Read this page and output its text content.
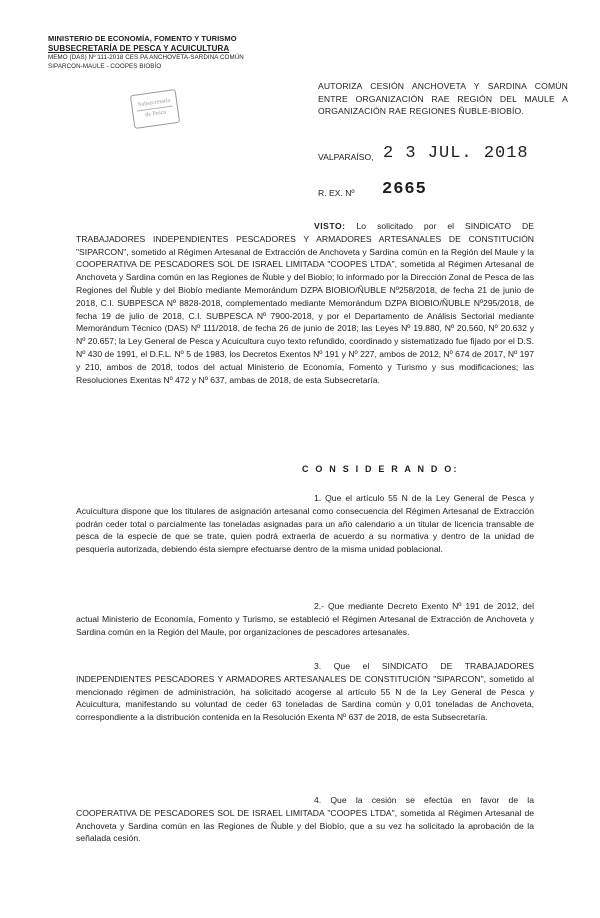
MINISTERIO DE ECONOMÍA, FOMENTO Y TURISMO
SUBSECRETARÍA DE PESCA Y ACUICULTURA
MEMO (DAS) Nº 111-2018 CES PA ANCHOVETA-SARDINA COMÚN
SIPARCON-MAULE - COOPES BIOBÍO
Subsecretaría
de Pesca
AUTORIZA CESIÓN ANCHOVETA Y SARDINA COMÚN ENTRE ORGANIZACIÓN RAE REGIÓN DEL MAULE A ORGANIZACIÓN RAE REGIONES ÑUBLE-BIOBÍO.
VALPARAÍSO, 2 3 JUL. 2018
R. EX. Nº 2665
VISTO: Lo solicitado por el SINDICATO DE TRABAJADORES INDEPENDIENTES PESCADORES Y ARMADORES ARTESANALES DE CONSTITUCIÓN "SIPARCON", sometido al Régimen Artesanal de Extracción de Anchoveta y Sardina común en la Región del Maule y la COOPERATIVA DE PESCADORES SOL DE ISRAEL LIMITADA "COOPES LTDA", sometida al Régimen Artesanal de Anchoveta y Sardina común en las Regiones de Ñuble y del Biobío; lo informado por la Dirección Zonal de Pesca de las Regiones del Ñuble y del Biobío mediante Memorándum DZPA BIOBIO/ÑUBLE Nº258/2018, de fecha 21 de junio de 2018, C.I. SUBPESCA Nº 8828-2018, complementado mediante Memorándum DZPA BIOBIO/ÑUBLE Nº295/2018, de fecha 19 de julio de 2018, C.I. SUBPESCA Nº 7900-2018, y por el Departamento de Análisis Sectorial mediante Memorándum Técnico (DAS) Nº 111/2018, de fecha 26 de junio de 2018; las Leyes Nº 19.880, Nº 20.560, Nº 20.632 y Nº 20.657; la Ley General de Pesca y Acuicultura cuyo texto refundido, coordinado y sistematizado fue fijado por el D.S. Nº 430 de 1991, el D.F.L. Nº 5 de 1983, los Decretos Exentos Nº 191 y Nº 227, ambos de 2012, Nº 674 de 2017, Nº 197 y 210, ambos de 2018, todos del actual Ministerio de Economía, Fomento y Turismo y sus modificaciones; las Resoluciones Exentas Nº 472 y Nº 637, ambas de 2018, de esta Subsecretaría.
C O N S I D E R A N D O:
1. Que el artículo 55 N de la Ley General de Pesca y Acuicultura dispone que los titulares de asignación artesanal como consecuencia del Régimen Artesanal de Extracción podrán ceder total o parcialmente las toneladas asignadas para un año calendario a un titular de licencia transable de pesca de la especie de que se trate, quien podrá extraerla de acuerdo a su normativa y dentro de la unidad de pesquería autorizada, debiendo ésta siempre efectuarse dentro de la misma unidad poblacional.
2.- Que mediante Decreto Exento Nº 191 de 2012, del actual Ministerio de Economía, Fomento y Turismo, se estableció el Régimen Artesanal de Extracción de Anchoveta y Sardina común en la Región del Maule, por organizaciones de pescadores artesanales.
3. Que el SINDICATO DE TRABAJADORES INDEPENDIENTES PESCADORES Y ARMADORES ARTESANALES DE CONSTITUCIÓN "SIPARCON", sometido al mencionado régimen de administración, ha solicitado acogerse al artículo 55 N de la Ley General de Pesca y Acuicultura, manifestando su voluntad de ceder 63 toneladas de Sardina común y 0,01 toneladas de Anchoveta, correspondiente a la distribución contenida en la Resolución Exenta Nº 637 de 2018, de esta Subsecretaría.
4. Que la cesión se efectúa en favor de la COOPERATIVA DE PESCADORES SOL DE ISRAEL LIMITADA "COOPES LTDA", sometida al Régimen Artesanal de Anchoveta y Sardina común en las Regiones de Ñuble y del Biobío, que a su vez ha solicitado la aprobación de la señalada cesión.
